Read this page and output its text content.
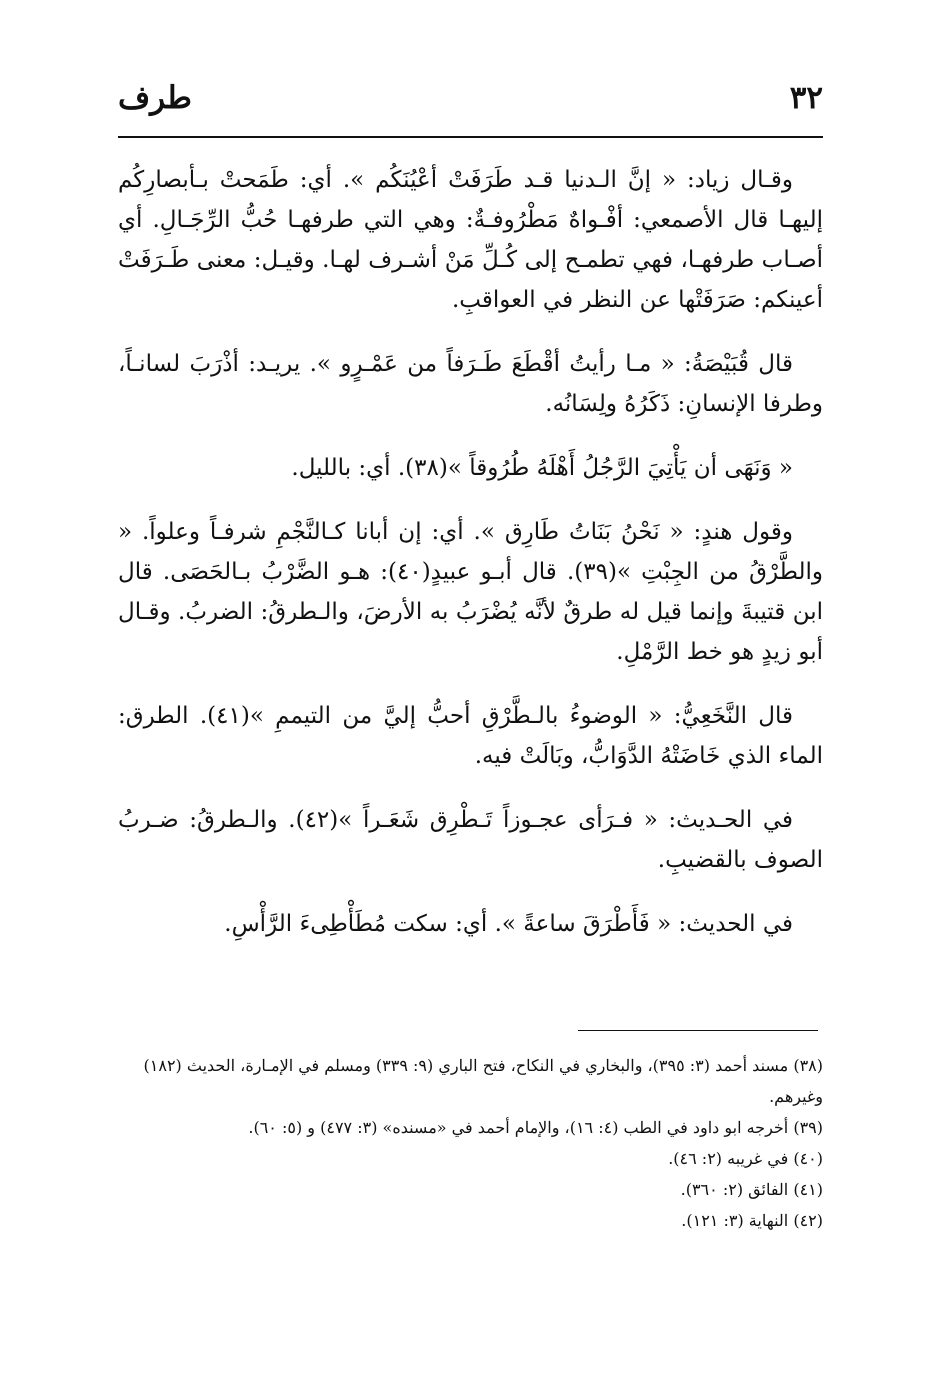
٣٢
طرف

وقـال زياد: « إنَّ الـدنيا قـد طَرَفَتْ أعْيُنَكُم ». أي: طَمَحتْ بـأبصارِكُم إليهـا قال الأصمعي: أفْـواهٌ مَطْرُوفـةٌ: وهي التي طرفهـا حُبُّ الرِّجَـالِ. أي أصـاب طرفهـا، فهي تطمـح إلى كُـلِّ مَنْ أشـرف لهـا. وقيـل: معنى طَـرَفَتْ أعينكم: صَرَفَتْها عن النظر في العواقبِ.

قال قُبَيْصَةُ: « مـا رأيتُ أقْطَعَ طَـرَفاً من عَمْـرٍو ». يريـد: أذْرَبَ لسانـاً، وطرفا الإنسانِ: ذَكَرُهُ ولِسَانُه.

« وَنَهَى أن يَأْتِيَ الرَّجُلُ أَهْلَهُ طُرُوقاً »(٣٨). أي: بالليل.

وقول هندٍ: « نَحْنُ بَنَاتُ طَارِق ». أي: إن أبانا كـالنَّجْمِ شرفـاً وعلواً. « والطَّرْقُ من الجِبْتِ »(٣٩). قال أبـو عبيدٍ(٤٠): هـو الضَّرْبُ بـالحَصَى. قال ابن قتيبةَ وإنما قيل له طرقٌ لأنَّه يُضْرَبُ به الأرضَ، والـطرقُ: الضربُ. وقـال أبو زيدٍ هو خط الرَّمْلِ.

قال النَّخَعِيُّ: « الوضوءُ بالـطَّرْقِ أحبُّ إليَّ من التيممِ »(٤١). الطرق: الماء الذي خَاضَتْهُ الدَّوَابُّ، وبَالَتْ فيه.

في الحـديث: « فـرَأى عجـوزاً تَـطْرِق شَعَـراً »(٤٢). والـطرقُ: ضـربُ الصوف بالقضيبِ.

في الحديث: « فَأَطْرَقَ ساعةً ». أي: سكت مُطَأْطِىءَ الرَّأْسِ.

(٣٨) مسند أحمد (٣: ٣٩٥)، والبخاري في النكاح، فتح الباري (٩: ٣٣٩) ومسلم في الإمـارة، الحديث (١٨٢) وغيرهم.
(٣٩) أخرجه ابو داود في الطب (٤: ١٦)، والإمام أحمد في «مسنده» (٣: ٤٧٧) و (٥: ٦٠).
(٤٠) في غريبه (٢: ٤٦).
(٤١) الفائق (٢: ٣٦٠).
(٤٢) النهاية (٣: ١٢١).
